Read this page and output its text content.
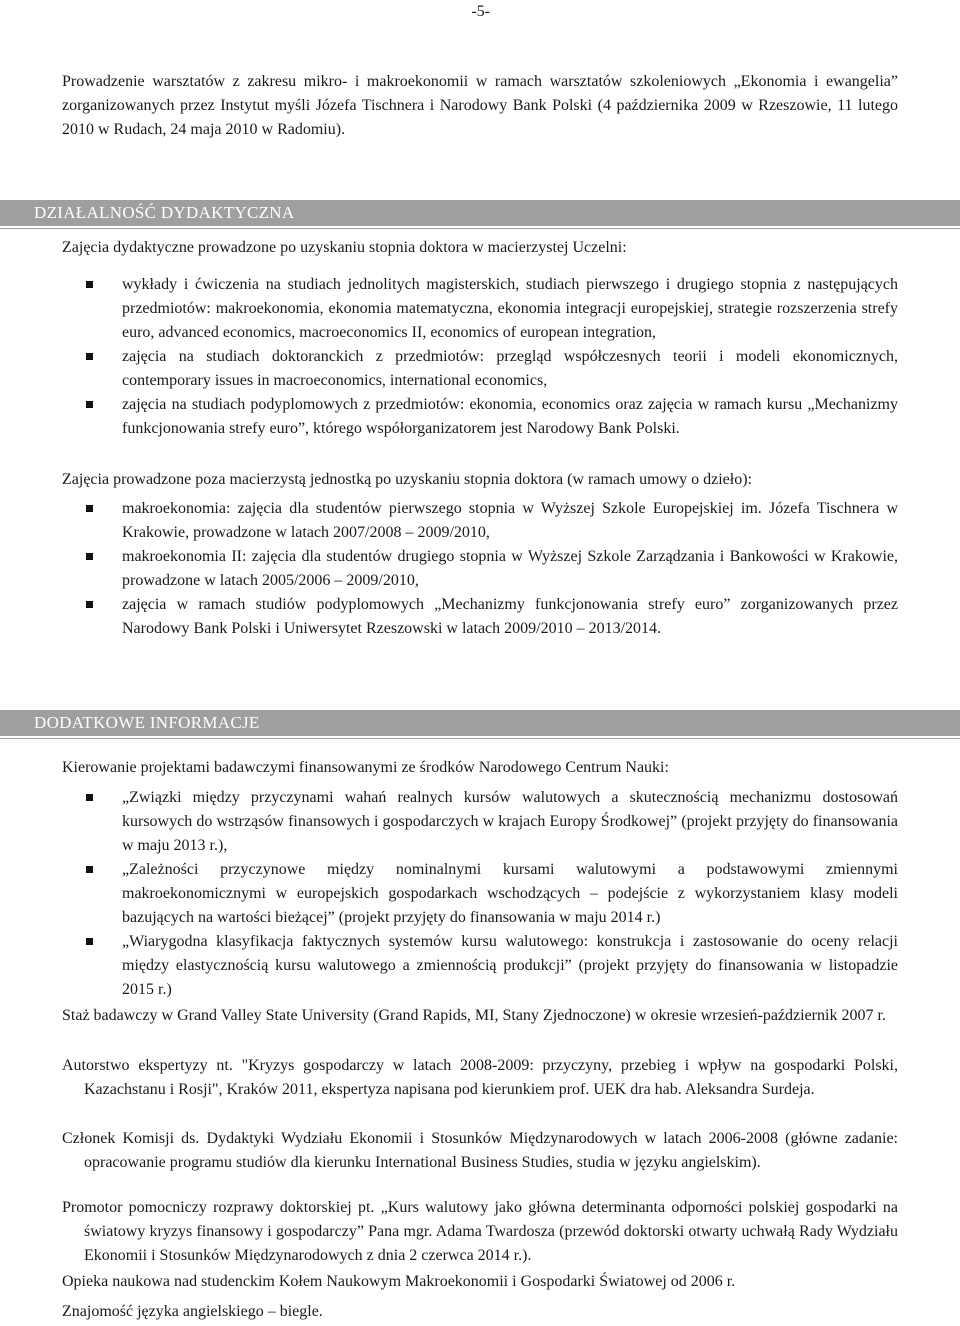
-5-

Prowadzenie warsztatów z zakresu mikro- i makroekonomii w ramach warsztatów szkoleniowych „Ekonomia i ewangelia” zorganizowanych przez Instytut myśli Józefa Tischnera i Narodowy Bank Polski (4 października 2009 w Rzeszowie, 11 lutego 2010 w Rudach, 24 maja 2010 w Radomiu).

DZIAŁALNOŚĆ DYDAKTYCZNA

Zajęcia dydaktyczne prowadzone po uzyskaniu stopnia doktora w macierzystej Uczelni:

wykłady i ćwiczenia na studiach jednolitych magisterskich, studiach pierwszego i drugiego stopnia z następujących przedmiotów: makroekonomia, ekonomia matematyczna, ekonomia integracji europejskiej, strategie rozszerzenia strefy euro, advanced economics, macroeconomics II, economics of european integration,
zajęcia na studiach doktoranckich z przedmiotów: przegląd współczesnych teorii i modeli ekonomicznych, contemporary issues in macroeconomics, international economics,
zajęcia na studiach podyplomowych z przedmiotów: ekonomia, economics oraz zajęcia w ramach kursu „Mechanizmy funkcjonowania strefy euro”, którego współorganizatorem jest Narodowy Bank Polski.

Zajęcia prowadzone poza macierzystą jednostką po uzyskaniu stopnia doktora (w ramach umowy o dzieło):

makroekonomia: zajęcia dla studentów pierwszego stopnia w Wyższej Szkole Europejskiej im. Józefa Tischnera w Krakowie, prowadzone w latach 2007/2008 – 2009/2010,
makroekonomia II: zajęcia dla studentów drugiego stopnia w Wyższej Szkole Zarządzania i Bankowości w Krakowie, prowadzone w latach 2005/2006 – 2009/2010,
zajęcia w ramach studiów podyplomowych „Mechanizmy funkcjonowania strefy euro” zorganizowanych przez Narodowy Bank Polski i Uniwersytet Rzeszowski w latach 2009/2010 – 2013/2014.
DODATKOWE INFORMACJE

Kierowanie projektami badawczymi finansowanymi ze środków Narodowego Centrum Nauki:

„Związki między przyczynami wahań realnych kursów walutowych a skutecznością mechanizmu dostosowań kursowych do wstrząsów finansowych i gospodarczych w krajach Europy Środkowej” (projekt przyjęty do finansowania w maju 2013 r.),
„Zależności przyczynowe między nominalnymi kursami walutowymi a podstawowymi zmiennymi makroekonomicznymi w europejskich gospodarkach wschodzących – podejście z wykorzystaniem klasy modeli bazujących na wartości bieżącej” (projekt przyjęty do finansowania w maju 2014 r.)
„Wiarygodna klasyfikacja faktycznych systemów kursu walutowego: konstrukcja i zastosowanie do oceny relacji między elastycznością kursu walutowego a zmiennością produkcji” (projekt przyjęty do finansowania w listopadzie 2015 r.)

Staż badawczy w Grand Valley State University (Grand Rapids, MI, Stany Zjednoczone) w okresie wrzesień-październik 2007 r.

Autorstwo ekspertyzy nt. "Kryzys gospodarczy w latach 2008-2009: przyczyny, przebieg i wpływ na gospodarki Polski, Kazachstanu i Rosji", Kraków 2011, ekspertyza napisana pod kierunkiem prof. UEK dra hab. Aleksandra Surdeja.

Członek Komisji ds. Dydaktyki Wydziału Ekonomii i Stosunków Międzynarodowych w latach 2006-2008 (główne zadanie: opracowanie programu studiów dla kierunku International Business Studies, studia w języku angielskim).

Promotor pomocniczy rozprawy doktorskiej pt. „Kurs walutowy jako główna determinanta odporności polskiej gospodarki na światowy kryzys finansowy i gospodarczy” Pana mgr. Adama Twardosza (przewód doktorski otwarty uchwałą Rady Wydziału Ekonomii i Stosunków Międzynarodowych z dnia 2 czerwca 2014 r.).

Opieka naukowa nad studenckim Kołem Naukowym Makroekonomii i Gospodarki Światowej od 2006 r.

Znajomość języka angielskiego – biegle.
